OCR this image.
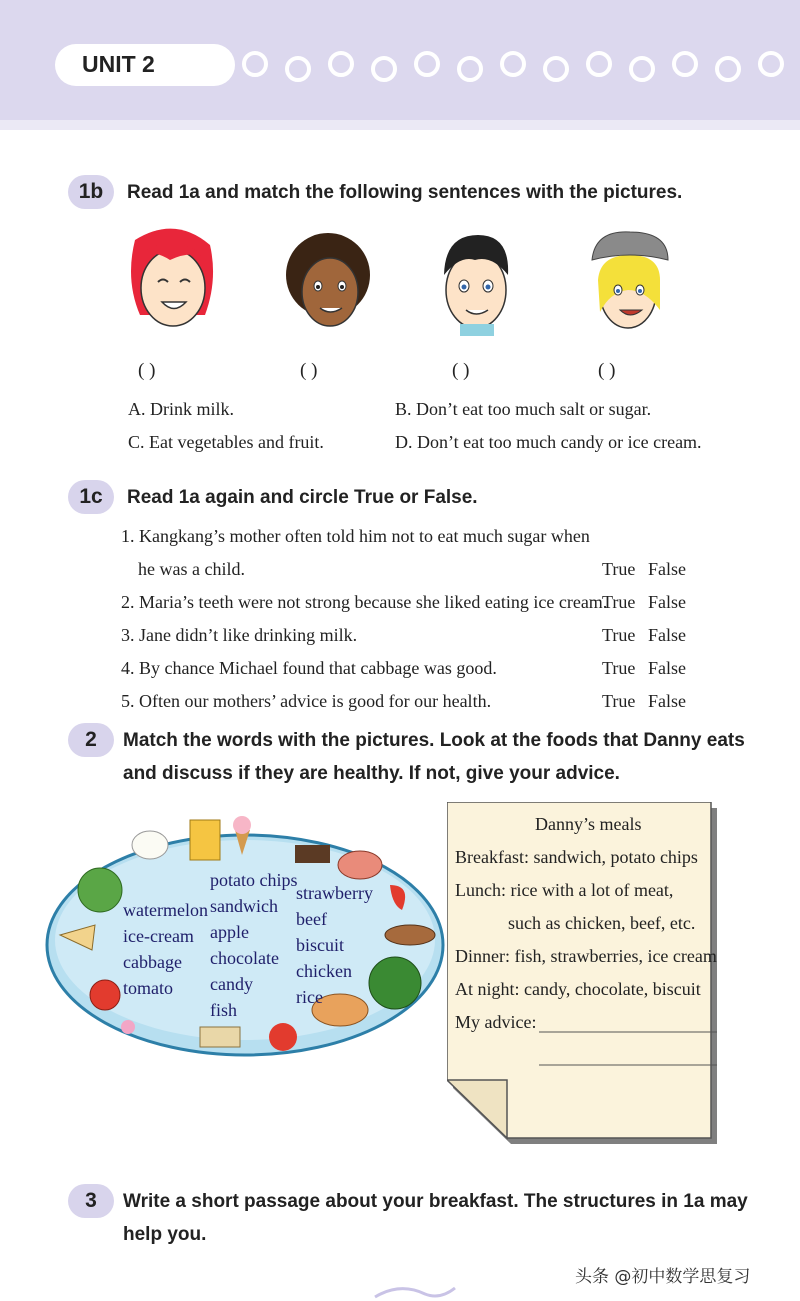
UNIT 2
1b	Read 1a and match the following sentences with the pictures.
( )	( )	( )	( )
A. Drink milk.	B. Don’t eat too much salt or sugar.
C. Eat vegetables and fruit.	D. Don’t eat too much candy or ice cream.
1c	Read 1a again and circle True or False.
1. Kangkang’s mother often told him not to eat much sugar when
he was a child.	True False
2. Maria’s teeth were not strong because she liked eating ice cream.
True False
3. Jane didn’t like drinking milk.	True False
4. By chance Michael found that cabbage was good.	True False
5. Often our mothers’ advice is good for our health.	True False
2	Match the words with the pictures. Look at the foods that Danny eats
and discuss if they are healthy. If not, give your advice.
watermelon
ice-cream
cabbage
tomato
potato chips
sandwich
apple
chocolate
candy
fish
strawberry
beef
biscuit
chicken
rice
Danny’s meals
Breakfast: sandwich, potato chips
Lunch: rice with a lot of meat,
such as chicken, beef, etc.
Dinner: fish, strawberries, ice cream
At night: candy, chocolate, biscuit
My advice:
3	Write a short passage about your breakfast. The structures in 1a may
help you.
头条 @初中数学思复习
